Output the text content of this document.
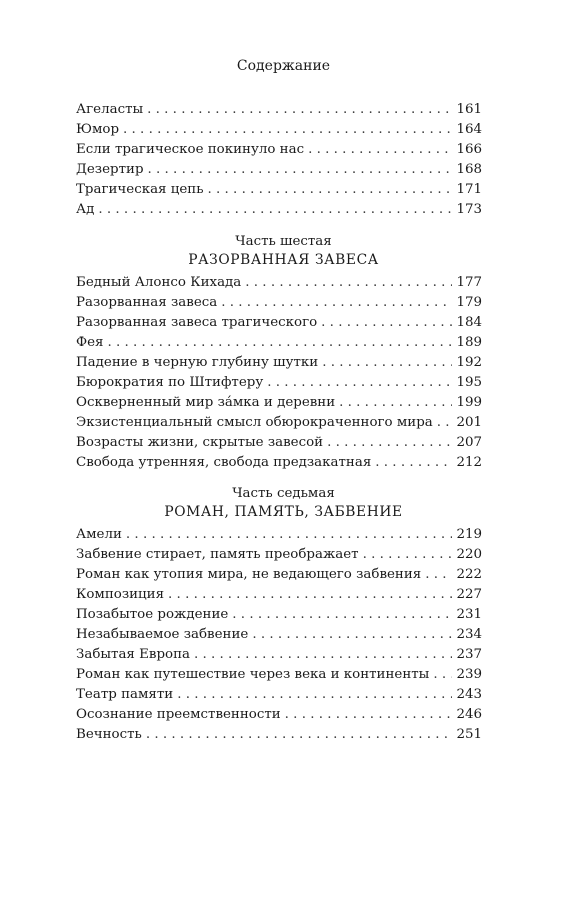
Содержание
Агеласты . . .	161
Юмор . . .	164
Если трагическое покинуло нас . . .	166
Дезертир . . .	168
Трагическая цепь . . .	171
Ад . . .	173
Часть шестая
РАЗОРВАННАЯ ЗАВЕСА
Бедный Алонсо Кихада . . .	177
Разорванная завеса . . .	179
Разорванная завеса трагического . . .	184
Фея . . .	189
Падение в черную глубину шутки . . .	192
Бюрократия по Штифтеру . . .	195
Оскверненный мир за́мка и деревни . . .	199
Экзистенциальный смысл обюрокраченного мира . . . 201
Возрасты жизни, скрытые завесой . . .	207
Свобода утренняя, свобода предзакатная . . .	212
Часть седьмая
РОМАН, ПАМЯТЬ, ЗАБВЕНИЕ
Амели . . .	219
Забвение стирает, память преображает . . .	220
Роман как утопия мира, не ведающего забвения . . .	222
Композиция . . .	227
Позабытое рождение . . .	231
Незабываемое забвение . . .	234
Забытая Европа . . .	237
Роман как путешествие через века и континенты . . . 239
Театр памяти . . .	243
Осознание преемственности . . .	246
Вечность . . .	251
